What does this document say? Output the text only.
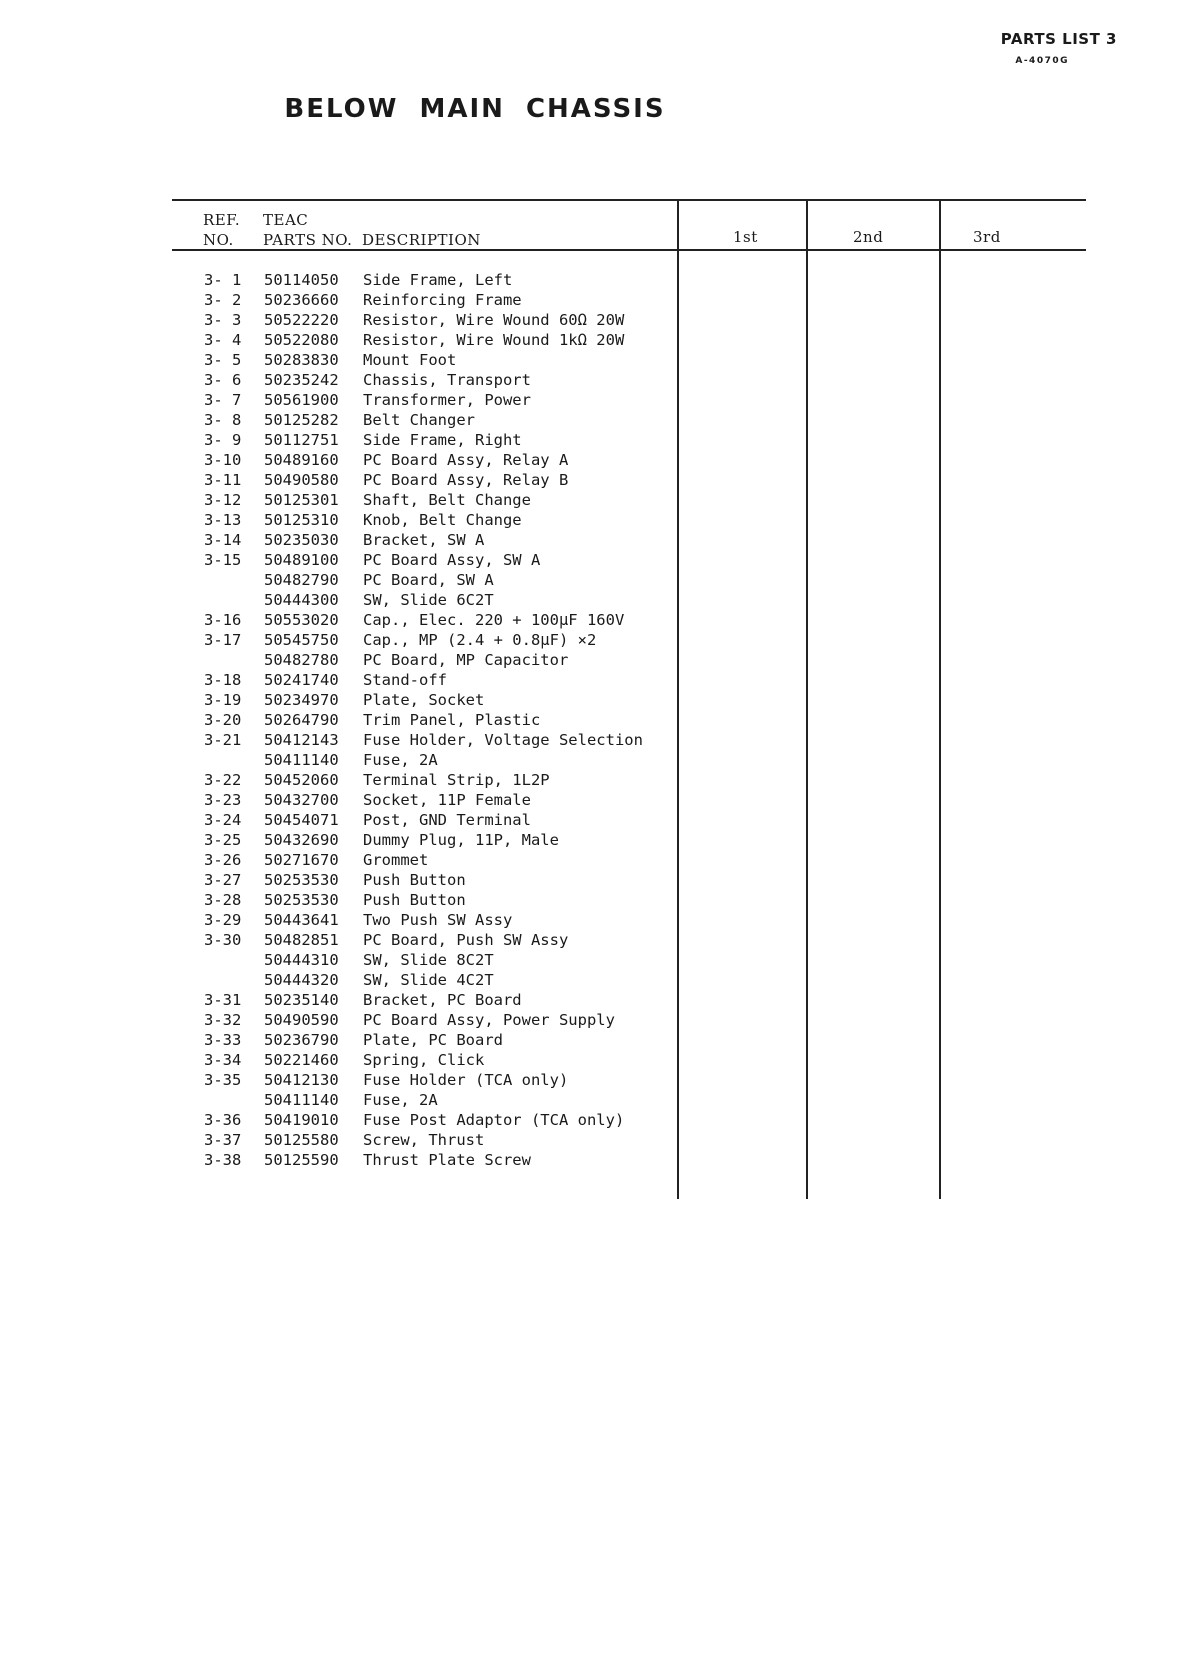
PARTS LIST 3
A-4070G
BELOW MAIN CHASSIS
REF.
NO.
TEAC
PARTS NO. DESCRIPTION	1st	2nd	3rd
3- 1 50114050 Side Frame, Left
3- 2 50236660 Reinforcing Frame
3- 3 50522220 Resistor, Wire Wound 60Ω 20W
3- 4 50522080 Resistor, Wire Wound 1kΩ 20W
3- 5 50283830 Mount Foot
3- 6 50235242 Chassis, Transport
3- 7 50561900 Transformer, Power
3- 8 50125282 Belt Changer
3- 9 50112751 Side Frame, Right
3-10 50489160 PC Board Assy, Relay A
3-11 50490580 PC Board Assy, Relay B
3-12 50125301 Shaft, Belt Change
3-13 50125310 Knob, Belt Change
3-14 50235030 Bracket, SW A
3-15 50489100 PC Board Assy, SW A
50482790 PC Board, SW A
50444300 SW, Slide 6C2T
3-16 50553020 Cap., Elec. 220 + 100μF 160V
3-17 50545750 Cap., MP (2.4 + 0.8μF) ×2
50482780 PC Board, MP Capacitor
3-18 50241740 Stand-off
3-19 50234970 Plate, Socket
3-20 50264790 Trim Panel, Plastic
3-21 50412143 Fuse Holder, Voltage Selection
50411140 Fuse, 2A
3-22 50452060 Terminal Strip, 1L2P
3-23 50432700 Socket, 11P Female
3-24 50454071 Post, GND Terminal
3-25 50432690 Dummy Plug, 11P, Male
3-26 50271670 Grommet
3-27 50253530 Push Button
3-28 50253530 Push Button
3-29 50443641 Two Push SW Assy
3-30 50482851 PC Board, Push SW Assy
50444310 SW, Slide 8C2T
50444320 SW, Slide 4C2T
3-31 50235140 Bracket, PC Board
3-32 50490590 PC Board Assy, Power Supply
3-33 50236790 Plate, PC Board
3-34 50221460 Spring, Click
3-35 50412130 Fuse Holder (TCA only)
50411140 Fuse, 2A
3-36 50419010 Fuse Post Adaptor (TCA only)
3-37 50125580 Screw, Thrust
3-38 50125590 Thrust Plate Screw
